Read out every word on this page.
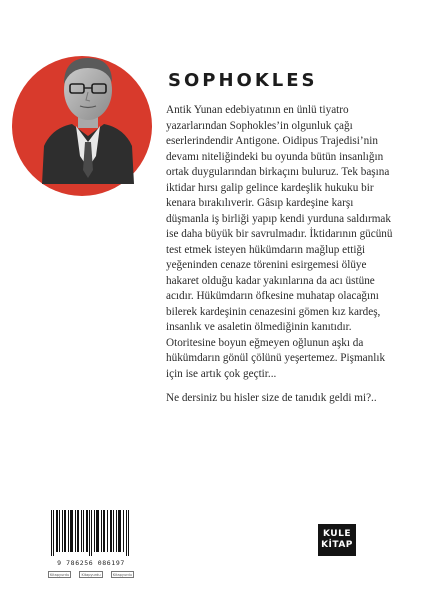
SOPHOKLES

Antik Yunan edebiyatının en ünlü tiyatro yazarlarından Sophokles’in olgunluk çağı eserlerindendir Antigone. Oidipus Trajedisi’nin devamı niteliğindeki bu oyunda bütün insanlığın ortak duygularından birkaçını buluruz. Tek başına iktidar hırsı galip gelince kardeşlik hukuku bir kenara bırakılıverir. Gâsıp kardeşine karşı düşmanla iş birliği yapıp kendi yurduna saldırmak ise daha büyük bir savrulmadır. İktidarının gücünü test etmek isteyen hükümdarın mağlup ettiği yeğeninden cenaze törenini esirgemesi ölüye hakaret olduğu kadar yakınlarına da acı üstüne acıdır. Hükümdarın öfkesine muhatap olacağını bilerek kardeşinin cenazesini gömen kız kardeş, insanlık ve asaletin ölmediğinin kanıtıdır. Otoritesine boyun eğmeyen oğlunun aşkı da hükümdarın gönül çölünü yeşertemez. Pişmanlık için ise artık çok geçtir...

Ne dersiniz bu hisler size de tanıdık geldi mi?..

9 786256 086197
Kitapyurdu	Kitapyurdu	Kitapyurdu
KULE
KİTAP
